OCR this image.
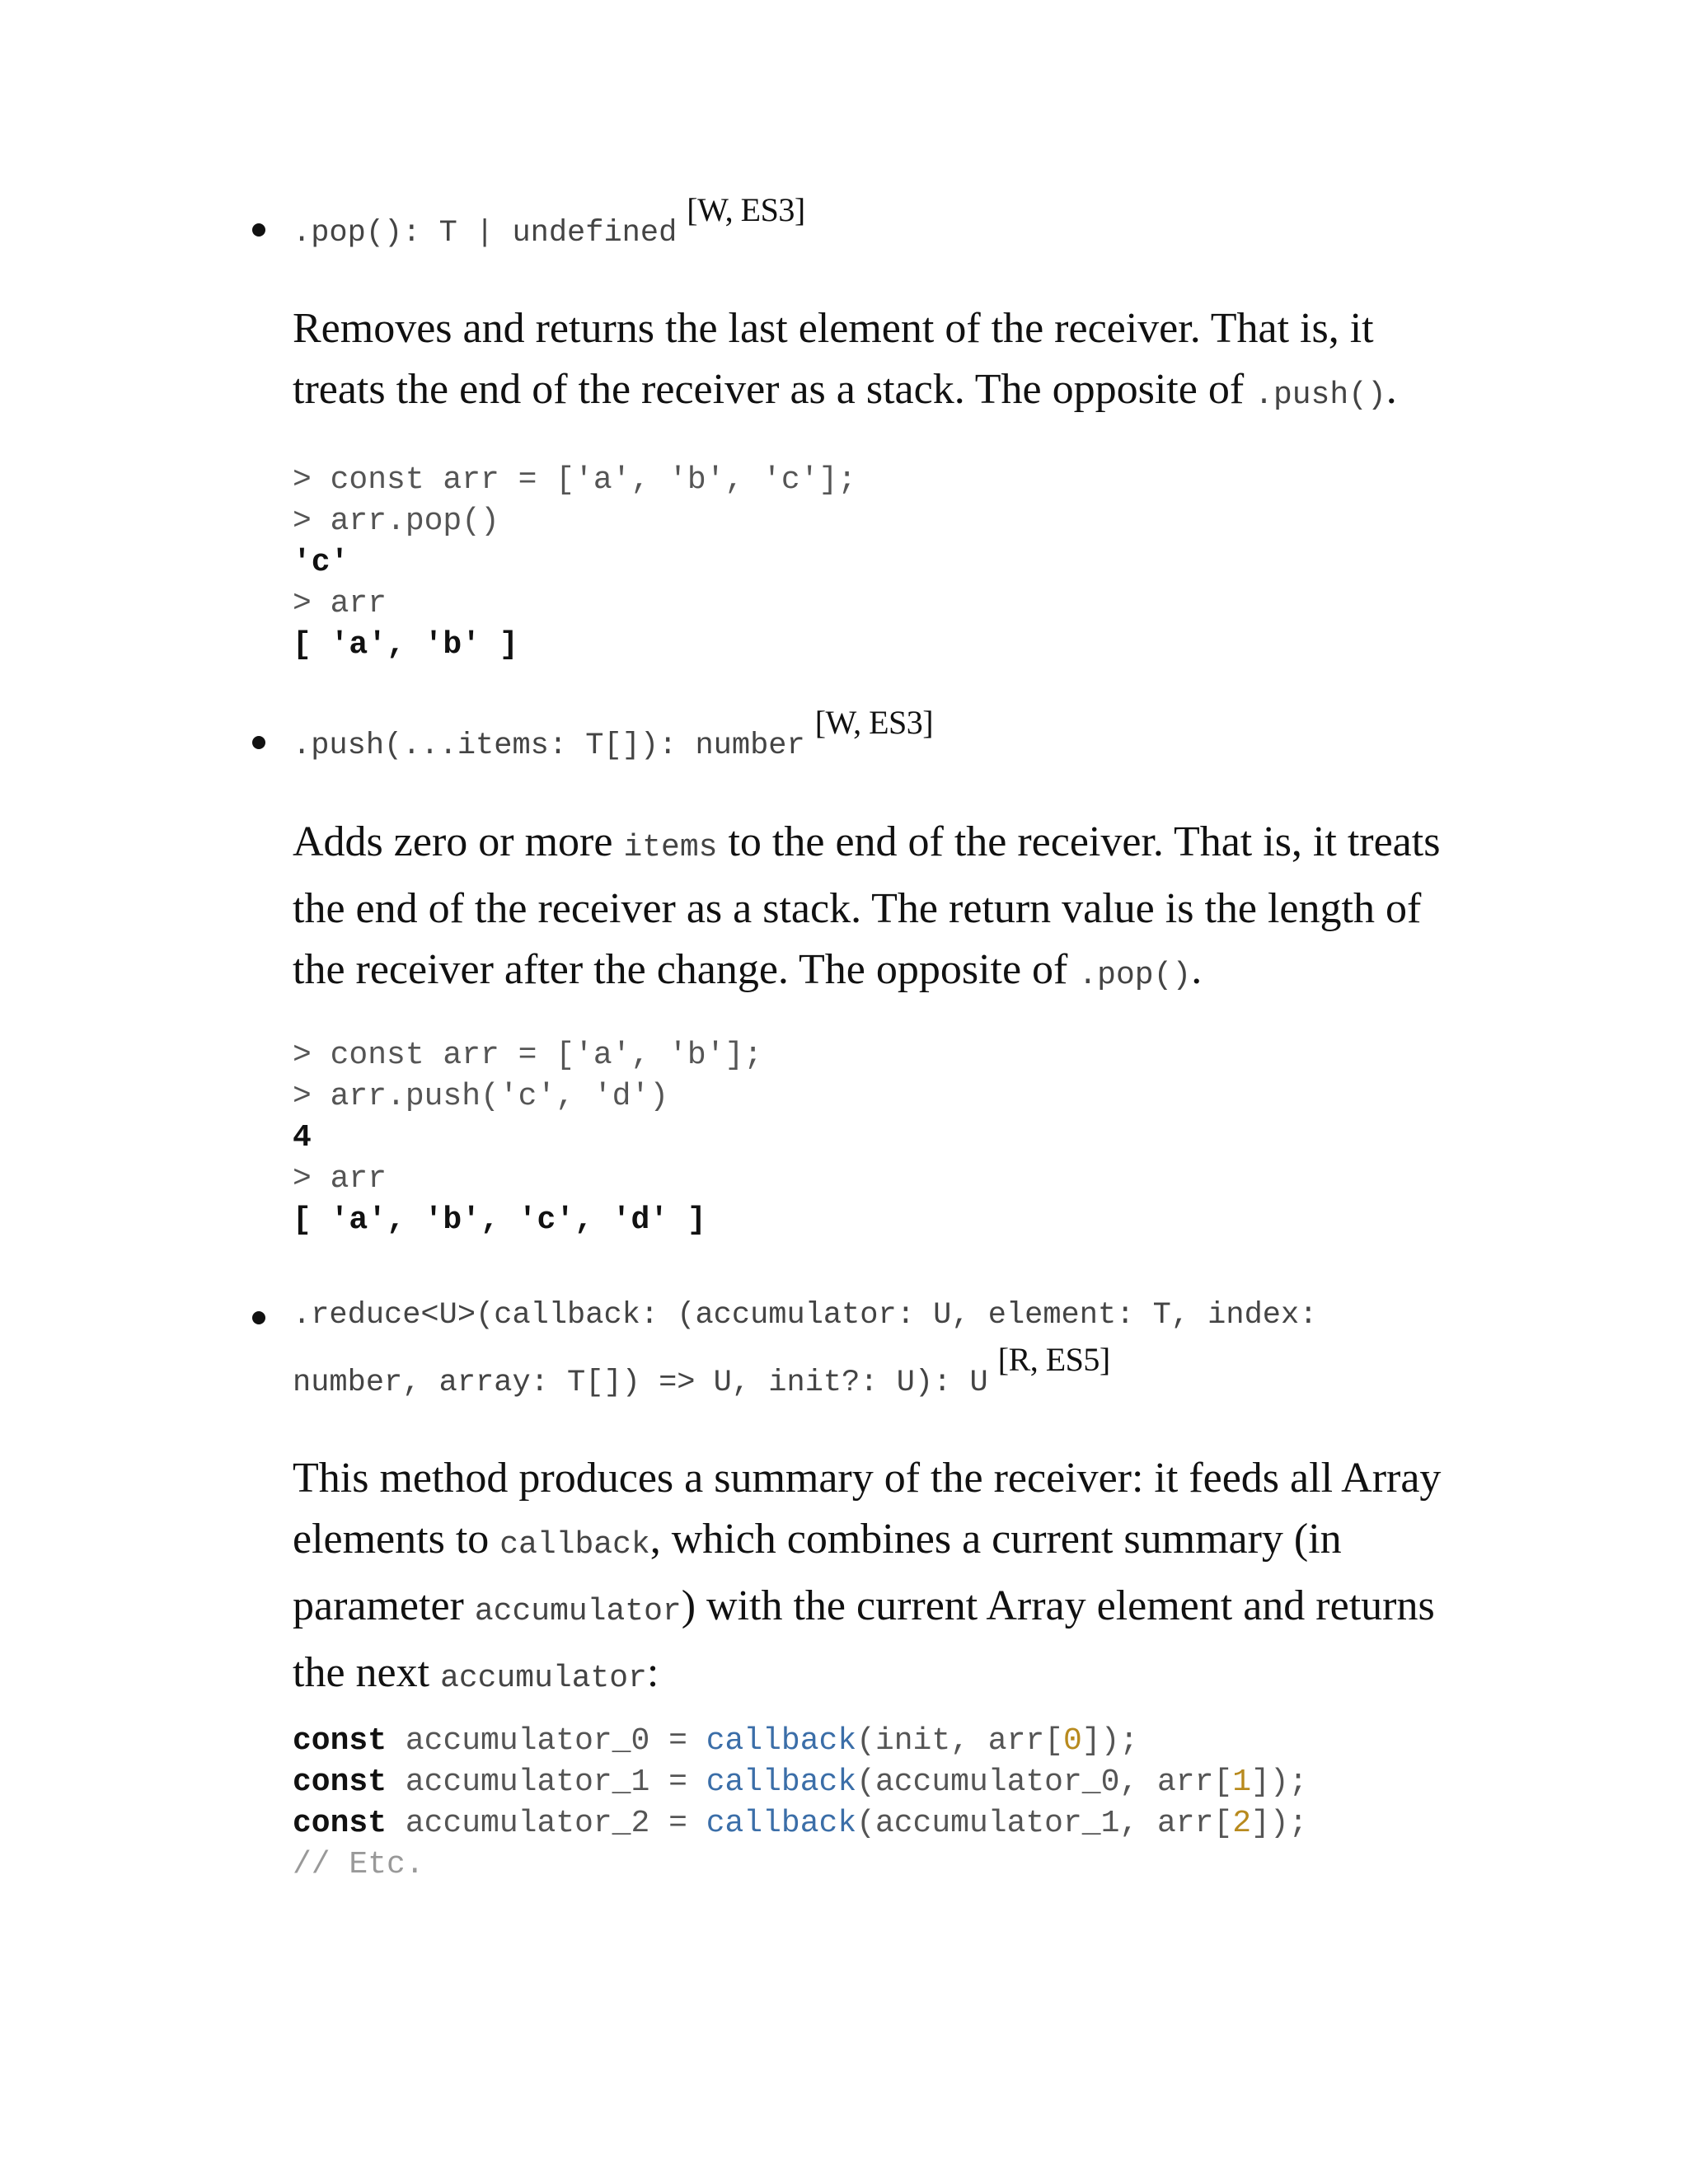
.pop(): T | undefined[W, ES3]

Removes and returns the last element of the receiver. That is, it treats the end of the receiver as a stack. The opposite of .push().

> const arr = ['a', 'b', 'c'];
> arr.pop()
'c'
> arr
[ 'a', 'b' ]
.push(...items: T[]): number[W, ES3]

Adds zero or more items to the end of the receiver. That is, it treats the end of the receiver as a stack. The return value is the length of the receiver after the change. The opposite of .pop().

> const arr = ['a', 'b'];
> arr.push('c', 'd')
4
> arr
[ 'a', 'b', 'c', 'd' ]
.reduce<U>(callback: (accumulator: U, element: T, index:
number, array: T[]) => U, init?: U): U[R, ES5]

This method produces a summary of the receiver: it feeds all Array elements to callback, which combines a current summary (in parameter accumulator) with the current Array element and returns the next accumulator:

const accumulator_0 = callback(init, arr[0]);
const accumulator_1 = callback(accumulator_0, arr[1]);
const accumulator_2 = callback(accumulator_1, arr[2]);
// Etc.
